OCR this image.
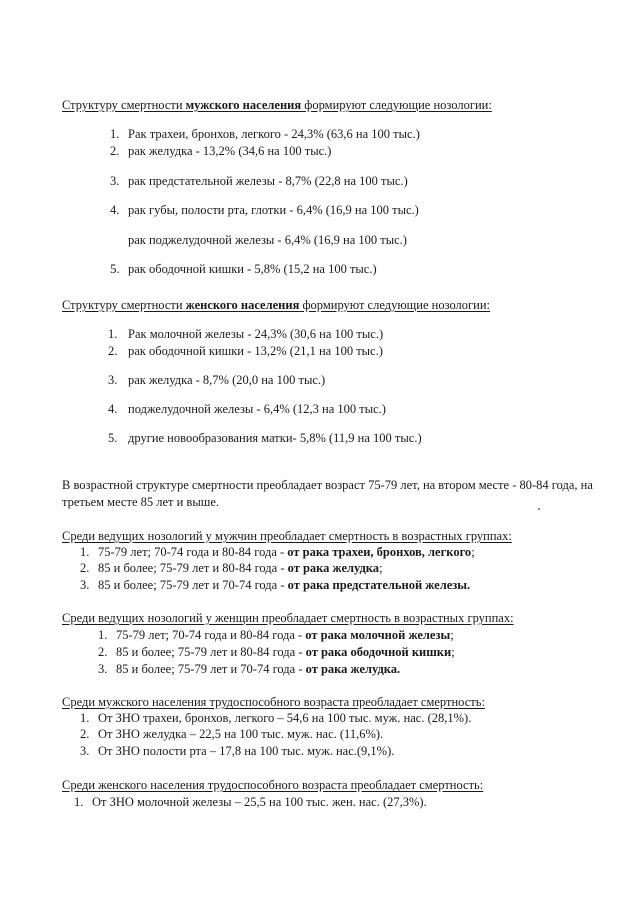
Структуру смертности мужского населения формируют следующие нозологии:
1. Рак трахеи, бронхов, легкого - 24,3% (63,6 на 100 тыс.)
2. рак желудка - 13,2% (34,6 на 100 тыс.)
3. рак предстательной железы - 8,7% (22,8 на 100 тыс.)
4. рак губы, полости рта, глотки - 6,4% (16,9 на 100 тыс.)
рак поджелудочной железы - 6,4% (16,9 на 100 тыс.)
5. рак ободочной кишки - 5,8% (15,2 на 100 тыс.)
Структуру смертности женского населения формируют следующие нозологии:
1. Рак молочной железы - 24,3% (30,6 на 100 тыс.)
2. рак ободочной кишки - 13,2% (21,1 на 100 тыс.)
3. рак желудка - 8,7% (20,0 на 100 тыс.)
4. поджелудочной железы - 6,4% (12,3 на 100 тыс.)
5. другие новообразования матки- 5,8% (11,9 на 100 тыс.)
В возрастной структуре смертности преобладает возраст 75-79 лет, на втором месте - 80-84 года, на
третьем месте 85 лет и выше.
Среди ведущих нозологий у мужчин преобладает смертность в возрастных группах:
1. 75-79 лет; 70-74 года и 80-84 года - от рака трахеи, бронхов, легкого;
2. 85 и более; 75-79 лет и 80-84 года - от рака желудка;
3. 85 и более; 75-79 лет и 70-74 года - от рака предстательной железы.
Среди ведущих нозологий у женщин преобладает смертность в возрастных группах:
1. 75-79 лет; 70-74 года и 80-84 года - от рака молочной железы;
2. 85 и более; 75-79 лет и 80-84 года - от рака ободочной кишки;
3. 85 и более; 75-79 лет и 70-74 года - от рака желудка.
Среди мужского населения трудоспособного возраста преобладает смертность:
1. От ЗНО трахеи, бронхов, легкого – 54,6 на 100 тыс. муж. нас. (28,1%).
2. От ЗНО желудка – 22,5 на 100 тыс. муж. нас. (11,6%).
3. От ЗНО полости рта – 17,8 на 100 тыс. муж. нас.(9,1%).
Среди женского населения трудоспособного возраста преобладает смертность:
1. От ЗНО молочной железы – 25,5 на 100 тыс. жен. нас. (27,3%).
